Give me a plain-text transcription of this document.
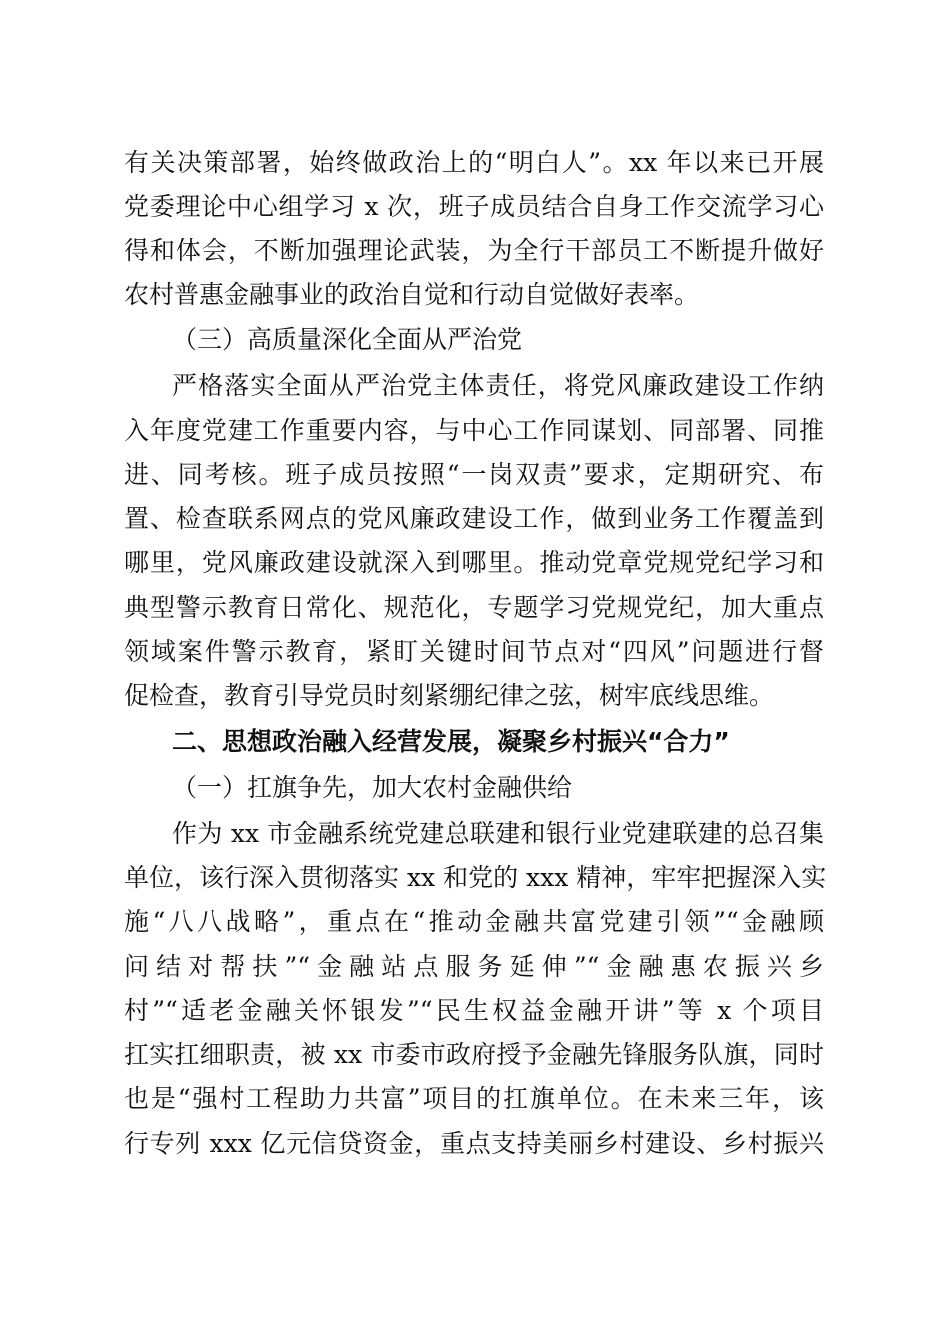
有关决策部署，始终做政治上的“明白人”。xx 年以来已开展
党委理论中心组学习 x 次，班子成员结合自身工作交流学习心
得和体会，不断加强理论武装，为全行干部员工不断提升做好
农村普惠金融事业的政治自觉和行动自觉做好表率。
（三）高质量深化全面从严治党
严格落实全面从严治党主体责任，将党风廉政建设工作纳
入年度党建工作重要内容，与中心工作同谋划、同部署、同推
进、同考核。班子成员按照“一岗双责”要求，定期研究、布
置、检查联系网点的党风廉政建设工作，做到业务工作覆盖到
哪里，党风廉政建设就深入到哪里。推动党章党规党纪学习和
典型警示教育日常化、规范化，专题学习党规党纪，加大重点
领域案件警示教育，紧盯关键时间节点对“四风”问题进行督
促检查，教育引导党员时刻紧绷纪律之弦，树牢底线思维。
二、思想政治融入经营发展，凝聚乡村振兴“合力”
（一）扛旗争先，加大农村金融供给
作为 xx 市金融系统党建总联建和银行业党建联建的总召集
单位，该行深入贯彻落实 xx 和党的 xxx 精神，牢牢把握深入实
施“八八战略”，重点在“推动金融共富党建引领”“金融顾
问结对帮扶”“金融站点服务延伸”“金融惠农振兴乡
村”“适老金融关怀银发”“民生权益金融开讲”等 x 个项目
扛实扛细职责，被 xx 市委市政府授予金融先锋服务队旗，同时
也是“强村工程助力共富”项目的扛旗单位。在未来三年，该
行专列 xxx 亿元信贷资金，重点支持美丽乡村建设、乡村振兴
